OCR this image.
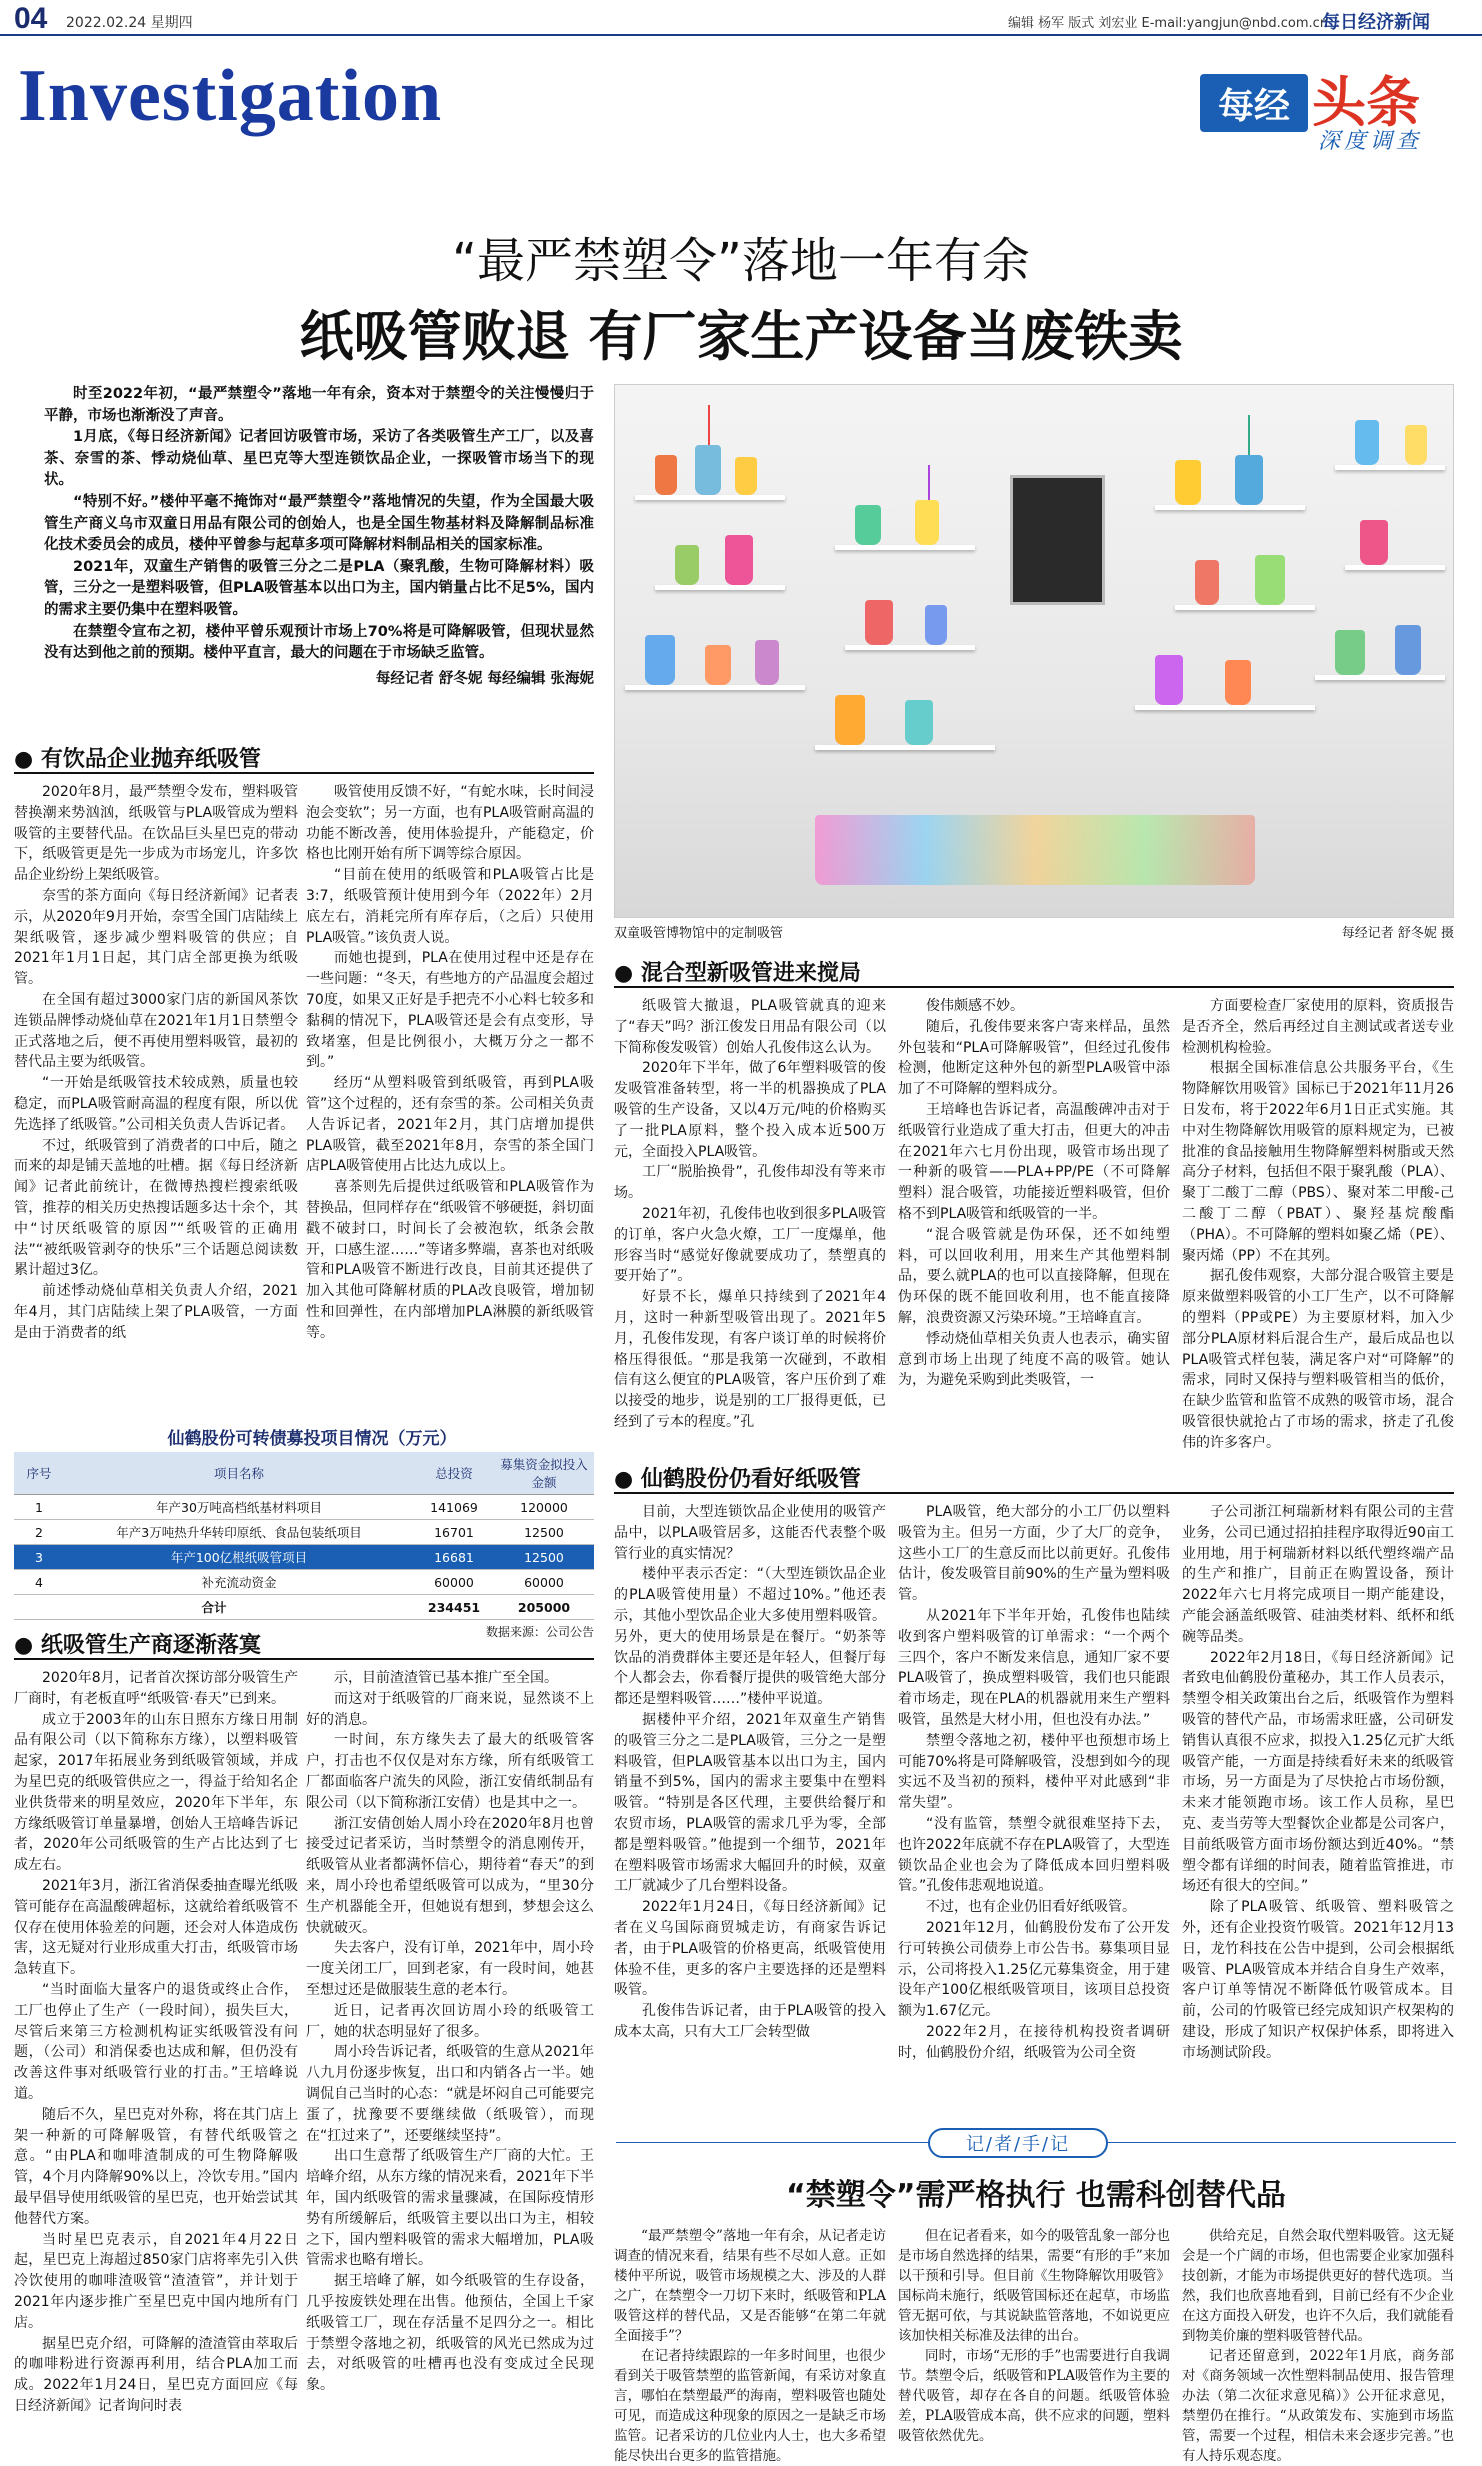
04 2022.02.24 星期四	编辑 杨军 版式 刘宏业 E-mail:yangjun@nbd.com.cn
每日经济新闻
Investigation	每经 头条
深度调查
“最严禁塑令”落地一年有余
纸吸管败退 有厂家生产设备当废铁卖

时至2022年初，“最严禁塑令”落地一年有余，资本对于禁塑令的关注慢慢归于平静，市场也渐渐没了声音。

1月底，《每日经济新闻》记者回访吸管市场，采访了各类吸管生产工厂，以及喜茶、奈雪的茶、悸动烧仙草、星巴克等大型连锁饮品企业，一探吸管市场当下的现状。

“特别不好。”楼仲平毫不掩饰对“最严禁塑令”落地情况的失望，作为全国最大吸管生产商义乌市双童日用品有限公司的创始人，也是全国生物基材料及降解制品标准化技术委员会的成员，楼仲平曾参与起草多项可降解材料制品相关的国家标准。

2021年，双童生产销售的吸管三分之二是PLA（聚乳酸，生物可降解材料）吸管，三分之一是塑料吸管，但PLA吸管基本以出口为主，国内销量占比不足5%，国内的需求主要仍集中在塑料吸管。

在禁塑令宣布之初，楼仲平曾乐观预计市场上70%将是可降解吸管，但现状显然没有达到他之前的预期。楼仲平直言，最大的问题在于市场缺乏监管。

每经记者 舒冬妮 每经编辑 张海妮

双童吸管博物馆中的定制吸管	每经记者 舒冬妮 摄
● 有饮品企业抛弃纸吸管

2020年8月，最严禁塑令发布，塑料吸管替换潮来势汹汹，纸吸管与PLA吸管成为塑料吸管的主要替代品。在饮品巨头星巴克的带动下，纸吸管更是先一步成为市场宠儿，许多饮品企业纷纷上架纸吸管。

奈雪的茶方面向《每日经济新闻》记者表示，从2020年9月开始，奈雪全国门店陆续上架纸吸管，逐步减少塑料吸管的供应；自2021年1月1日起，其门店全部更换为纸吸管。

在全国有超过3000家门店的新国风茶饮连锁品牌悸动烧仙草在2021年1月1日禁塑令正式落地之后，便不再使用塑料吸管，最初的替代品主要为纸吸管。

“一开始是纸吸管技术较成熟，质量也较稳定，而PLA吸管耐高温的程度有限，所以优先选择了纸吸管。”公司相关负责人告诉记者。

不过，纸吸管到了消费者的口中后，随之而来的却是铺天盖地的吐槽。据《每日经济新闻》记者此前统计，在微博热搜栏搜索纸吸管，推荐的相关历史热搜话题多达十余个，其中“讨厌纸吸管的原因”“纸吸管的正确用法”“被纸吸管剥夺的快乐”三个话题总阅读数累计超过3亿。

前述悸动烧仙草相关负责人介绍，2021年4月，其门店陆续上架了PLA吸管，一方面是由于消费者的纸

吸管使用反馈不好，“有蛇水味，长时间浸泡会变软”；另一方面，也有PLA吸管耐高温的功能不断改善，使用体验提升，产能稳定，价格也比刚开始有所下调等综合原因。

“目前在使用的纸吸管和PLA吸管占比是3:7，纸吸管预计使用到今年（2022年）2月底左右，消耗完所有库存后，（之后）只使用PLA吸管。”该负责人说。

而她也提到，PLA在使用过程中还是存在一些问题：“冬天，有些地方的产品温度会超过70度，如果又正好是手把壳不小心料七较多和黏稠的情况下，PLA吸管还是会有点变形，导致堵塞，但是比例很小，大概万分之一都不到。”

经历“从塑料吸管到纸吸管，再到PLA吸管”这个过程的，还有奈雪的茶。公司相关负责人告诉记者，2021年2月，其门店增加提供PLA吸管，截至2021年8月，奈雪的茶全国门店PLA吸管使用占比达九成以上。

喜茶则先后提供过纸吸管和PLA吸管作为替换品，但同样存在“纸吸管不够硬挺，斜切面戳不破封口，时间长了会被泡软，纸条会散开，口感生涩……”等诸多弊端，喜茶也对纸吸管和PLA吸管不断进行改良，目前其还提供了加入其他可降解材质的PLA改良吸管，增加韧性和回弹性，在内部增加PLA淋膜的新纸吸管等。

仙鹤股份可转债募投项目情况（万元）
序号	项目名称	总投资	募集资金拟投入金额
1	年产30万吨高档纸基材料项目	141069	120000
2	年产3万吨热升华转印原纸、食品包装纸项目	16701	12500
3	年产100亿根纸吸管项目	16681	12500
4	补充流动资金	60000	60000
合计		234451	205000
数据来源：公司公告
● 纸吸管生产商逐渐落寞

2020年8月，记者首次探访部分吸管生产厂商时，有老板直呼“纸吸管·春天”已到来。

成立于2003年的山东日照东方缘日用制品有限公司（以下简称东方缘），以塑料吸管起家，2017年拓展业务到纸吸管领域，并成为星巴克的纸吸管供应之一，得益于给知名企业供货带来的明星效应，2020年下半年，东方缘纸吸管订单量暴增，创始人王培峰告诉记者，2020年公司纸吸管的生产占比达到了七成左右。

2021年3月，浙江省消保委抽查曝光纸吸管可能存在高温酸碑超标，这就给着纸吸管不仅存在使用体验差的问题，还会对人体造成伤害，这无疑对行业形成重大打击，纸吸管市场急转直下。

“当时面临大量客户的退货或终止合作，工厂也停止了生产（一段时间），损失巨大，尽管后来第三方检测机构证实纸吸管没有问题，（公司）和消保委也达成和解，但仍没有改善这件事对纸吸管行业的打击。”王培峰说道。

随后不久，星巴克对外称，将在其门店上架一种新的可降解吸管，有替代纸吸管之意。“由PLA和咖啡渣制成的可生物降解吸管，4个月内降解90%以上，冷饮专用。”国内最早倡导使用纸吸管的星巴克，也开始尝试其他替代方案。

当时星巴克表示，自2021年4月22日起，星巴克上海超过850家门店将率先引入供冷饮使用的咖啡渣吸管“渣渣管”，并计划于2021年内逐步推广至星巴克中国内地所有门店。

据星巴克介绍，可降解的渣渣管由萃取后的咖啡粉进行资源再利用，结合PLA加工而成。2022年1月24日，星巴克方面回应《每日经济新闻》记者询问时表

示，目前渣渣管已基本推广至全国。

而这对于纸吸管的厂商来说，显然谈不上好的消息。

一时间，东方缘失去了最大的纸吸管客户，打击也不仅仅是对东方缘，所有纸吸管工厂都面临客户流失的风险，浙江安倩纸制品有限公司（以下简称浙江安倩）也是其中之一。

浙江安倩创始人周小玲在2020年8月也曾接受过记者采访，当时禁塑令的消息刚传开，纸吸管从业者都满怀信心，期待着“春天”的到来，周小玲也希望纸吸管可以成为，“里30分生产机器能全开，但她说有想到，梦想会这么快就破灭。

失去客户，没有订单，2021年中，周小玲一度关闭工厂，回到老家，有一段时间，她甚至想过还是做服装生意的老本行。

近日，记者再次回访周小玲的纸吸管工厂，她的状态明显好了很多。

周小玲告诉记者，纸吸管的生意从2021年八九月份逐步恢复，出口和内销各占一半。她调侃自己当时的心态：“就是坏闷自己可能要完蛋了，扰豫要不要继续做（纸吸管），而现在“扛过来了”，还要继续坚持”。

出口生意帮了纸吸管生产厂商的大忙。王培峰介绍，从东方缘的情况来看，2021年下半年，国内纸吸管的需求量骤减，在国际疫情形势有所缓解后，纸吸管主要以出口为主，相较之下，国内塑料吸管的需求大幅增加，PLA吸管需求也略有增长。

据王培峰了解，如今纸吸管的生存设备，几乎按废铁处理在出售。他预估，全国上千家纸吸管工厂，现在存活量不足四分之一。相比于禁塑令落地之初，纸吸管的风光已然成为过去，对纸吸管的吐槽再也没有变成过全民现象。

● 混合型新吸管进来搅局

纸吸管大撤退，PLA吸管就真的迎来了“春天”吗？浙江俊发日用品有限公司（以下简称俊发吸管）创始人孔俊伟这么认为。

2020年下半年，做了6年塑料吸管的俊发吸管准备转型，将一半的机器换成了PLA吸管的生产设备，又以4万元/吨的价格购买了一批PLA原料，整个投入成本近500万元，全面投入PLA吸管。

工厂“脱胎换骨”，孔俊伟却没有等来市场。

2021年初，孔俊伟也收到很多PLA吸管的订单，客户火急火燎，工厂一度爆单，他形容当时“感觉好像就要成功了，禁塑真的要开始了”。

好景不长，爆单只持续到了2021年4月，这时一种新型吸管出现了。2021年5月，孔俊伟发现，有客户谈订单的时候将价格压得很低。“那是我第一次碰到，不敢相信有这么便宜的PLA吸管，客户压价到了难以接受的地步，说是别的工厂报得更低，已经到了亏本的程度。”孔

俊伟颇感不妙。

随后，孔俊伟要来客户寄来样品，虽然外包装和“PLA可降解吸管”，但经过孔俊伟检测，他断定这种外包的新型PLA吸管中添加了不可降解的塑料成分。

王培峰也告诉记者，高温酸碑冲击对于纸吸管行业造成了重大打击，但更大的冲击在2021年六七月份出现，吸管市场出现了一种新的吸管——PLA+PP/PE（不可降解塑料）混合吸管，功能接近塑料吸管，但价格不到PLA吸管和纸吸管的一半。

“混合吸管就是伪环保，还不如纯塑料，可以回收利用，用来生产其他塑料制品，要么就PLA的也可以直接降解，但现在伪环保的既不能回收利用，也不能直接降解，浪费资源又污染环境。”王培峰直言。

悸动烧仙草相关负责人也表示，确实留意到市场上出现了纯度不高的吸管。她认为，为避免采购到此类吸管，一

方面要检查厂家使用的原料，资质报告是否齐全，然后再经过自主测试或者送专业检测机构检验。

根据全国标准信息公共服务平台，《生物降解饮用吸管》国标已于2021年11月26日发布，将于2022年6月1日正式实施。其中对生物降解饮用吸管的原料规定为，已被批准的食品接触用生物降解塑料树脂或天然高分子材料，包括但不限于聚乳酸（PLA）、聚丁二酸丁二醇（PBS）、聚对苯二甲酸-己二酸丁二醇（PBAT）、聚羟基烷酸酯（PHA）。不可降解的塑料如聚乙烯（PE）、聚丙烯（PP）不在其列。

据孔俊伟观察，大部分混合吸管主要是原来做塑料吸管的小工厂生产，以不可降解的塑料（PP或PE）为主要原材料，加入少部分PLA原材料后混合生产，最后成品也以PLA吸管式样包装，满足客户对“可降解”的需求，同时又保持与塑料吸管相当的低价，在缺少监管和监管不成熟的吸管市场，混合吸管很快就抢占了市场的需求，挤走了孔俊伟的许多客户。

● 仙鹤股份仍看好纸吸管

目前，大型连锁饮品企业使用的吸管产品中，以PLA吸管居多，这能否代表整个吸管行业的真实情况？

楼仲平表示否定：“（大型连锁饮品企业的PLA吸管使用量）不超过10%。”他还表示，其他小型饮品企业大多使用塑料吸管。另外，更大的使用场景是在餐厅。“奶茶等饮品的消费群体主要还是年轻人，但餐厅每个人都会去，你看餐厅提供的吸管绝大部分都还是塑料吸管……”楼仲平说道。

据楼仲平介绍，2021年双童生产销售的吸管三分之二是PLA吸管，三分之一是塑料吸管，但PLA吸管基本以出口为主，国内销量不到5%，国内的需求主要集中在塑料吸管。“特别是各区代理，主要供给餐厅和农贸市场，PLA吸管的需求几乎为零，全部都是塑料吸管。”他提到一个细节，2021年在塑料吸管市场需求大幅回升的时候，双童工厂就减少了几台塑料设备。

2022年1月24日，《每日经济新闻》记者在义乌国际商贸城走访，有商家告诉记者，由于PLA吸管的价格更高，纸吸管使用体验不佳，更多的客户主要选择的还是塑料吸管。

孔俊伟告诉记者，由于PLA吸管的投入成本太高，只有大工厂会转型做

PLA吸管，绝大部分的小工厂仍以塑料吸管为主。但另一方面，少了大厂的竞争，这些小工厂的生意反而比以前更好。孔俊伟估计，俊发吸管目前90%的生产量为塑料吸管。

从2021年下半年开始，孔俊伟也陆续收到客户塑料吸管的订单需求：“一个两个三四个，客户不断发来信息，通知厂家不要PLA吸管了，换成塑料吸管，我们也只能跟着市场走，现在PLA的机器就用来生产塑料吸管，虽然是大材小用，但也没有办法。”

禁塑令落地之初，楼仲平也预想市场上可能70%将是可降解吸管，没想到如今的现实远不及当初的预料，楼仲平对此感到“非常失望”。

“没有监管，禁塑令就很难坚持下去，也许2022年底就不存在PLA吸管了，大型连锁饮品企业也会为了降低成本回归塑料吸管。”孔俊伟悲观地说道。

不过，也有企业仍旧看好纸吸管。

2021年12月，仙鹤股份发布了公开发行可转换公司债券上市公告书。募集项目显示，公司将投入1.25亿元募集资金，用于建设年产100亿根纸吸管项目，该项目总投资额为1.67亿元。

2022年2月，在接待机构投资者调研时，仙鹤股份介绍，纸吸管为公司全资

子公司浙江柯瑞新材料有限公司的主营业务，公司已通过招拍挂程序取得近90亩工业用地，用于柯瑞新材料以纸代塑终端产品的生产和推广，目前正在购置设备，预计2022年六七月将完成项目一期产能建设，产能会涵盖纸吸管、硅油类材料、纸杯和纸碗等品类。

2022年2月18日，《每日经济新闻》记者致电仙鹤股份董秘办，其工作人员表示，禁塑令相关政策出台之后，纸吸管作为塑料吸管的替代产品，市场需求旺盛，公司研发销售认真很不应求，拟投入1.25亿元扩大纸吸管产能，一方面是持续看好未来的纸吸管市场，另一方面是为了尽快抢占市场份额，未来才能领跑市场。该工作人员称，星巴克、麦当劳等大型餐饮企业都是公司客户，目前纸吸管方面市场份额达到近40%。“禁塑令都有详细的时间表，随着监管推进，市场还有很大的空间。”

除了PLA吸管、纸吸管、塑料吸管之外，还有企业投资竹吸管。2021年12月13日，龙竹科技在公告中提到，公司会根据纸吸管、PLA吸管成本并结合自身生产效率，客户订单等情况不断降低竹吸管成本。目前，公司的竹吸管已经完成知识产权架构的建设，形成了知识产权保护体系，即将进入市场测试阶段。

记/者/手/记
“禁塑令”需严格执行 也需科创替代品

“最严禁塑令”落地一年有余，从记者走访调查的情况来看，结果有些不尽如人意。正如楼仲平所说，吸管市场规模之大、涉及的人群之广，在禁塑令一刀切下来时，纸吸管和PLA吸管这样的替代品，又是否能够“在第二年就全面接手”？

在记者持续跟踪的一年多时间里，也很少看到关于吸管禁塑的监管新闻，有采访对象直言，哪怕在禁塑最严的海南，塑料吸管也随处可见，而造成这种现象的原因之一是缺乏市场监管。记者采访的几位业内人士，也大多希望能尽快出台更多的监管措施。

但在记者看来，如今的吸管乱象一部分也是市场自然选择的结果，需要“有形的手”来加以干预和引导。但目前《生物降解饮用吸管》国标尚未施行，纸吸管国标还在起草，市场监管无据可依，与其说缺监管落地，不如说更应该加快相关标准及法律的出台。

同时，市场“无形的手”也需要进行自我调节。禁塑令后，纸吸管和PLA吸管作为主要的替代吸管，却存在各自的问题。纸吸管体验差，PLA吸管成本高，供不应求的问题，塑料吸管依然优先。

供给充足，自然会取代塑料吸管。这无疑会是一个广阔的市场，但也需要企业家加强科技创新，才能为市场提供更好的替代选项。当然，我们也欣喜地看到，目前已经有不少企业在这方面投入研发，也许不久后，我们就能看到物美价廉的塑料吸管替代品。

记者还留意到，2022年1月底，商务部对《商务领域一次性塑料制品使用、报告管理办法（第二次征求意见稿）》公开征求意见，禁塑仍在推行。“从政策发布、实施到市场监管，需要一个过程，相信未来会逐步完善。”也有人持乐观态度。
